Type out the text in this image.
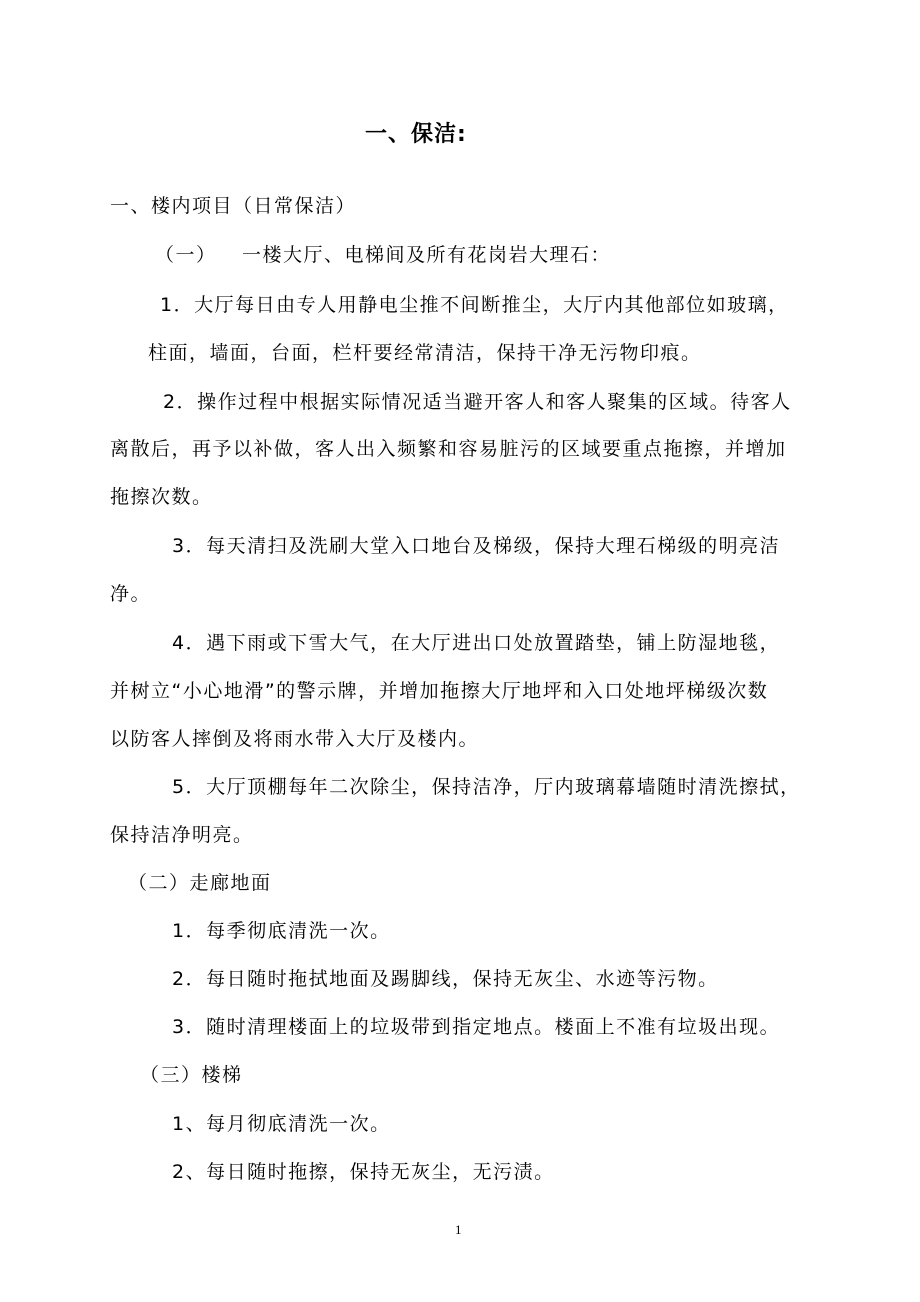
一、保洁:
一、楼内项目（日常保洁）
（一） 一楼大厅、电梯间及所有花岗岩大理石：
1．大厅每日由专人用静电尘推不间断推尘，大厅内其他部位如玻璃，
柱面，墙面，台面，栏杆要经常清洁，保持干净无污物印痕。
2．操作过程中根据实际情况适当避开客人和客人聚集的区域。待客人
离散后，再予以补做，客人出入频繁和容易脏污的区域要重点拖擦，并增加
拖擦次数。
3．每天清扫及洗刷大堂入口地台及梯级，保持大理石梯级的明亮洁
净。
4．遇下雨或下雪大气，在大厅进出口处放置踏垫，铺上防湿地毯，
并树立“小心地滑”的警示牌，并增加拖擦大厅地坪和入口处地坪梯级次数
以防客人摔倒及将雨水带入大厅及楼内。
5．大厅顶棚每年二次除尘，保持洁净，厅内玻璃幕墙随时清洗擦拭，
保持洁净明亮。
（二）走廊地面
1．每季彻底清洗一次。
2．每日随时拖拭地面及踢脚线，保持无灰尘、水迹等污物。
3．随时清理楼面上的垃圾带到指定地点。楼面上不准有垃圾出现。
（三）楼梯
1、每月彻底清洗一次。
2、每日随时拖擦，保持无灰尘，无污渍。
1
